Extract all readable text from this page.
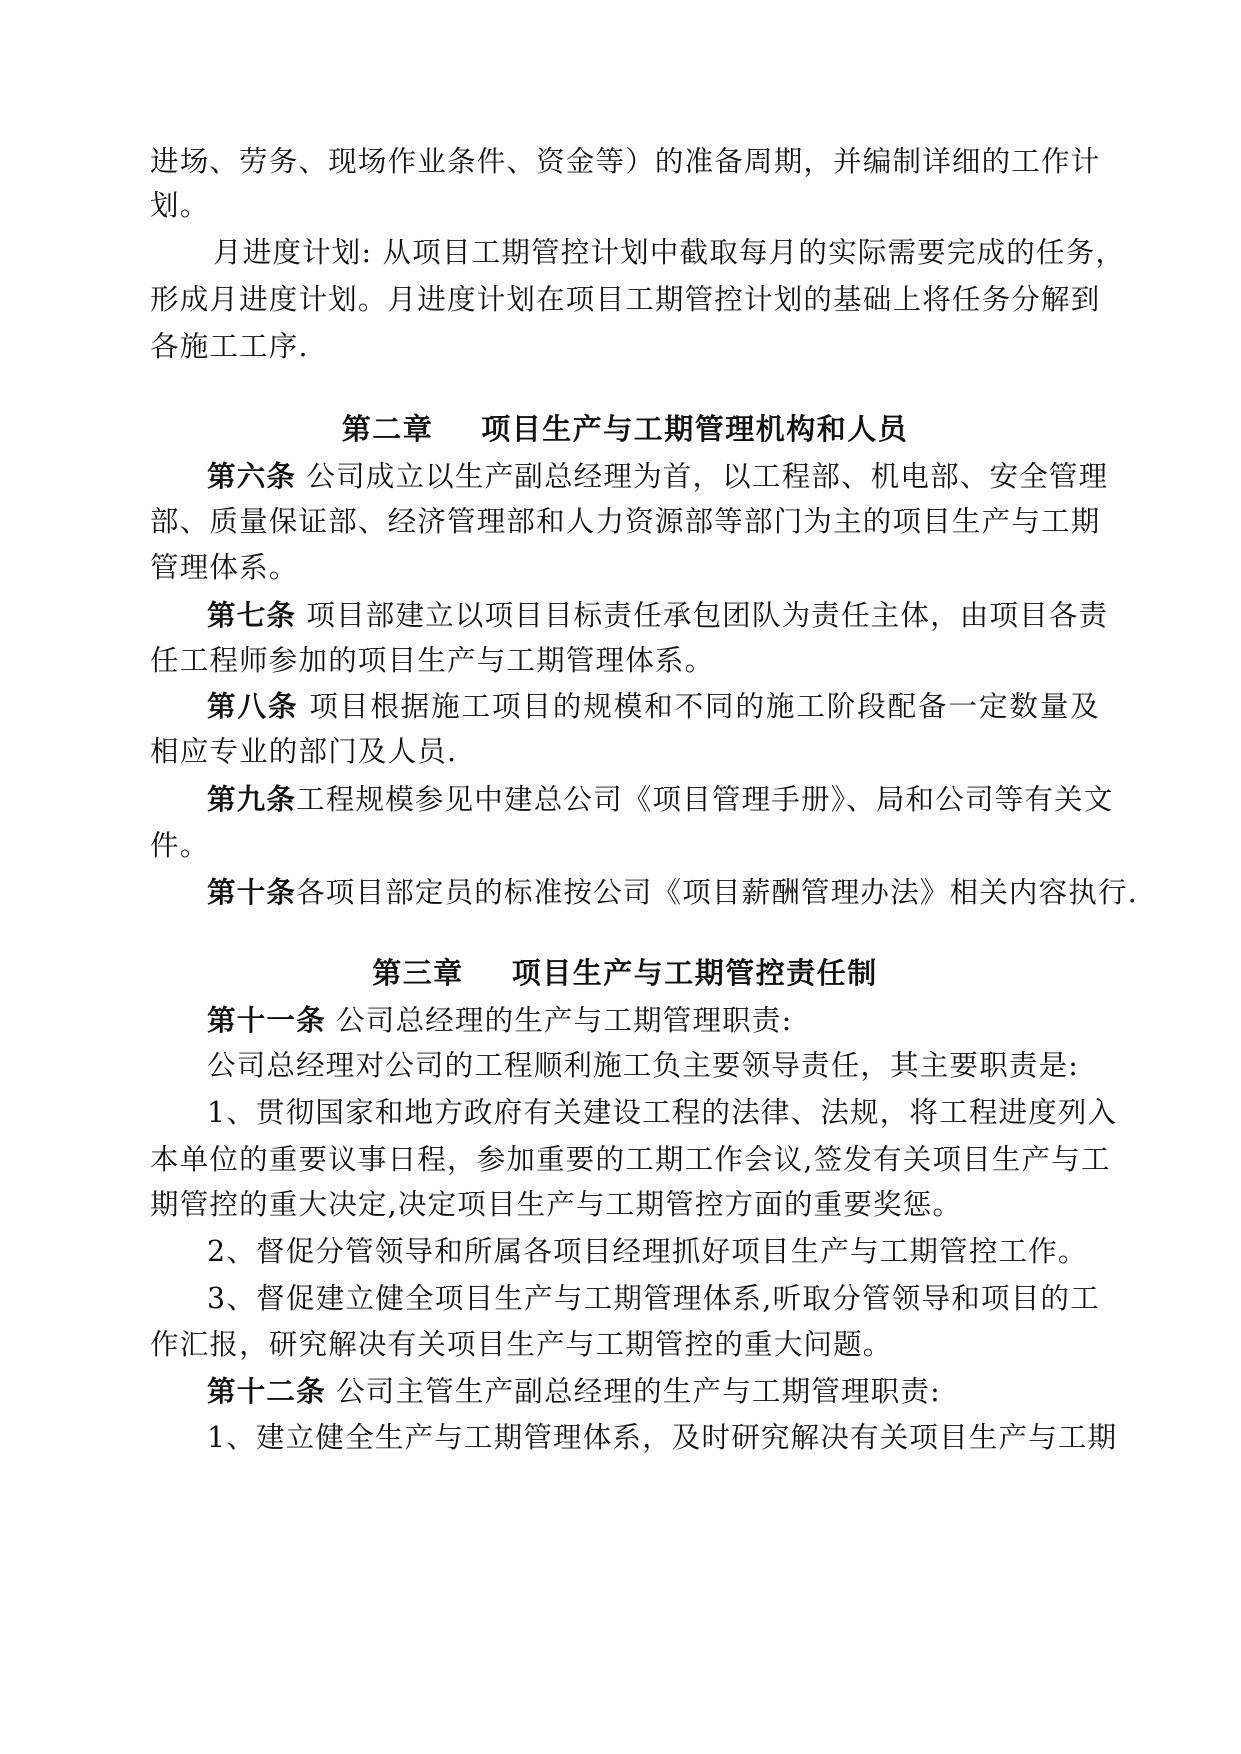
进场、劳务、现场作业条件、资金等）的准备周期，并编制详细的工作计
划。
月进度计划: 从项目工期管控计划中截取每月的实际需要完成的任务，
形成月进度计划。月进度计划在项目工期管控计划的基础上将任务分解到
各施工工序.
第二章 项目生产与工期管理机构和人员
第六条 公司成立以生产副总经理为首，以工程部、机电部、安全管理
部、质量保证部、经济管理部和人力资源部等部门为主的项目生产与工期
管理体系。
第七条 项目部建立以项目目标责任承包团队为责任主体，由项目各责
任工程师参加的项目生产与工期管理体系。
第八条 项目根据施工项目的规模和不同的施工阶段配备一定数量及
相应专业的部门及人员.
第九条工程规模参见中建总公司《项目管理手册》、局和公司等有关文
件。
第十条各项目部定员的标准按公司《项目薪酬管理办法》相关内容执行.
第三章 项目生产与工期管控责任制
第十一条 公司总经理的生产与工期管理职责:
公司总经理对公司的工程顺利施工负主要领导责任，其主要职责是:
1、贯彻国家和地方政府有关建设工程的法律、法规，将工程进度列入
本单位的重要议事日程，参加重要的工期工作会议,签发有关项目生产与工
期管控的重大决定,决定项目生产与工期管控方面的重要奖惩。
2、督促分管领导和所属各项目经理抓好项目生产与工期管控工作。
3、督促建立健全项目生产与工期管理体系,听取分管领导和项目的工
作汇报，研究解决有关项目生产与工期管控的重大问题。
第十二条 公司主管生产副总经理的生产与工期管理职责:
1、建立健全生产与工期管理体系，及时研究解决有关项目生产与工期
